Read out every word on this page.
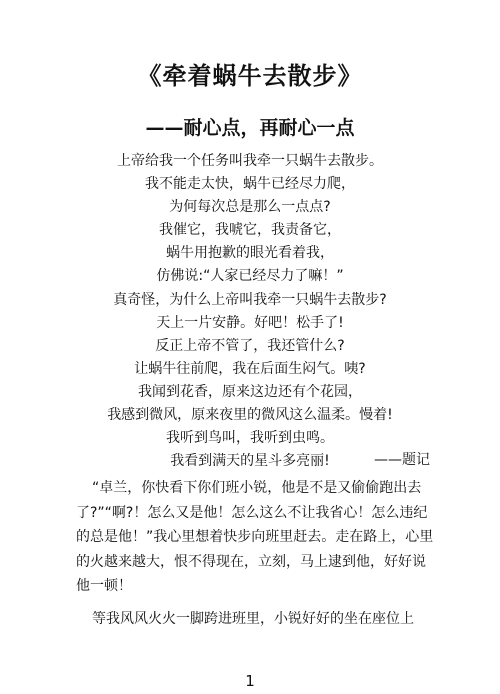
《牵着蜗牛去散步》
——耐心点，再耐心一点
上帝给我一个任务叫我牵一只蜗牛去散步。
我不能走太快，蜗牛已经尽力爬，
为何每次总是那么一点点?
我催它，我唬它，我责备它，
蜗牛用抱歉的眼光看着我，
仿佛说:“人家已经尽力了嘛！”
真奇怪，为什么上帝叫我牵一只蜗牛去散步?
天上一片安静。好吧！松手了!
反正上帝不管了，我还管什么?
让蜗牛往前爬，我在后面生闷气。咦?
我闻到花香，原来这边还有个花园，
我感到微风，原来夜里的微风这么温柔。慢着!
我听到鸟叫，我听到虫鸣。
我看到满天的星斗多亮丽!	——题记
“卓兰，你快看下你们班小锐，他是不是又偷偷跑出去
了?”“啊?！怎么又是他！怎么这么不让我省心！怎么违纪
的总是他！”我心里想着快步向班里赶去。走在路上，心里
的火越来越大，恨不得现在，立刻，马上逮到他，好好说
他一顿！
等我风风火火一脚跨进班里，小锐好好的坐在座位上
1
